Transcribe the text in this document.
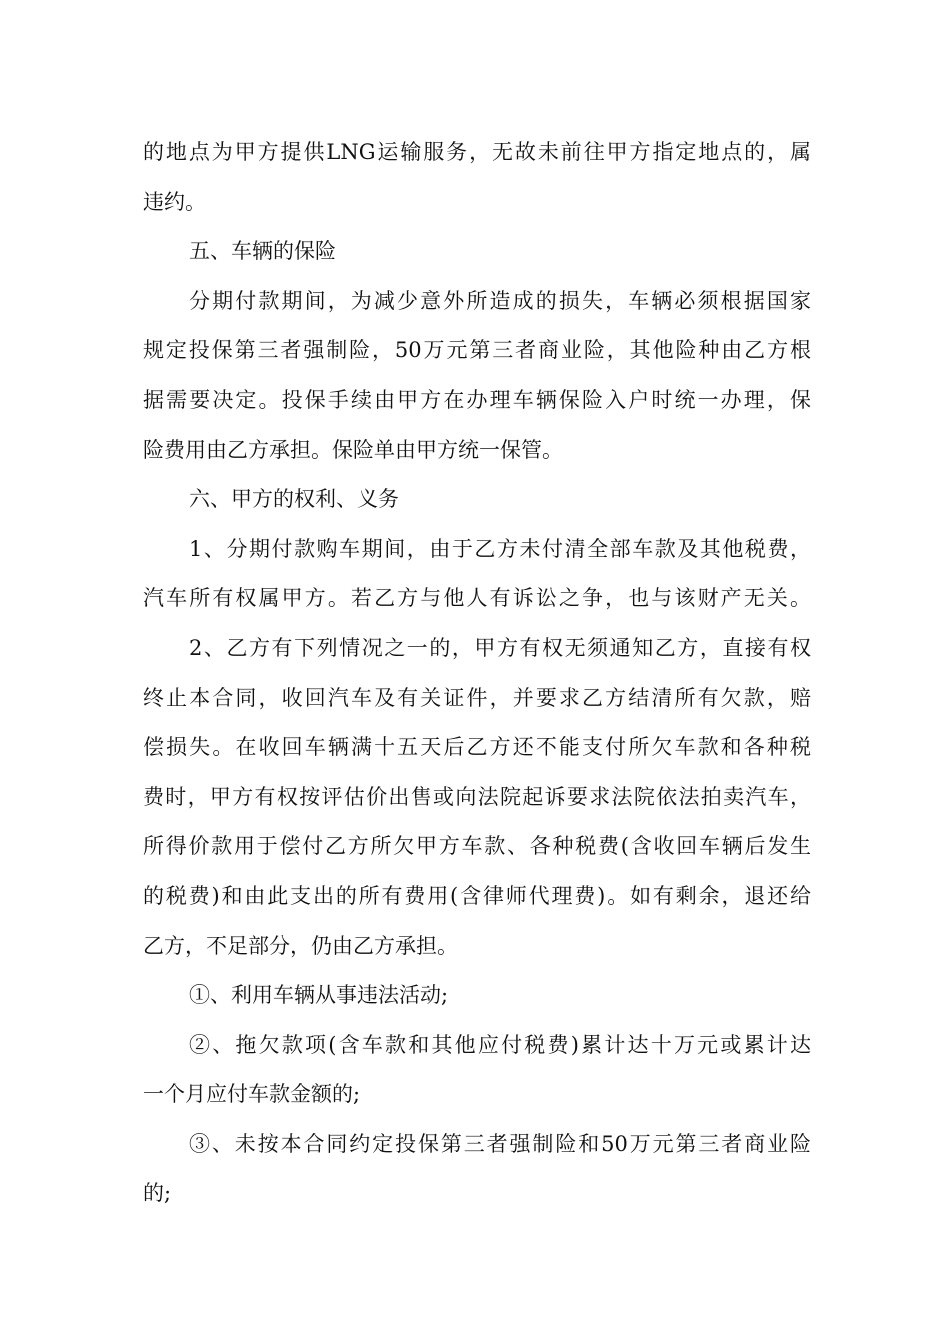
的地点为甲方提供LNG运输服务，无故未前往甲方指定地点的，属
违约。
五、车辆的保险
分期付款期间，为减少意外所造成的损失，车辆必须根据国家
规定投保第三者强制险，50万元第三者商业险，其他险种由乙方根
据需要决定。投保手续由甲方在办理车辆保险入户时统一办理，保
险费用由乙方承担。保险单由甲方统一保管。
六、甲方的权利、义务
1、分期付款购车期间，由于乙方未付清全部车款及其他税费，
汽车所有权属甲方。若乙方与他人有诉讼之争，也与该财产无关。
2、乙方有下列情况之一的，甲方有权无须通知乙方，直接有权
终止本合同，收回汽车及有关证件，并要求乙方结清所有欠款，赔
偿损失。在收回车辆满十五天后乙方还不能支付所欠车款和各种税
费时，甲方有权按评估价出售或向法院起诉要求法院依法拍卖汽车，
所得价款用于偿付乙方所欠甲方车款、各种税费(含收回车辆后发生
的税费)和由此支出的所有费用(含律师代理费)。如有剩余，退还给
乙方，不足部分，仍由乙方承担。
①、利用车辆从事违法活动;
②、拖欠款项(含车款和其他应付税费)累计达十万元或累计达
一个月应付车款金额的;
③、未按本合同约定投保第三者强制险和50万元第三者商业险
的;
